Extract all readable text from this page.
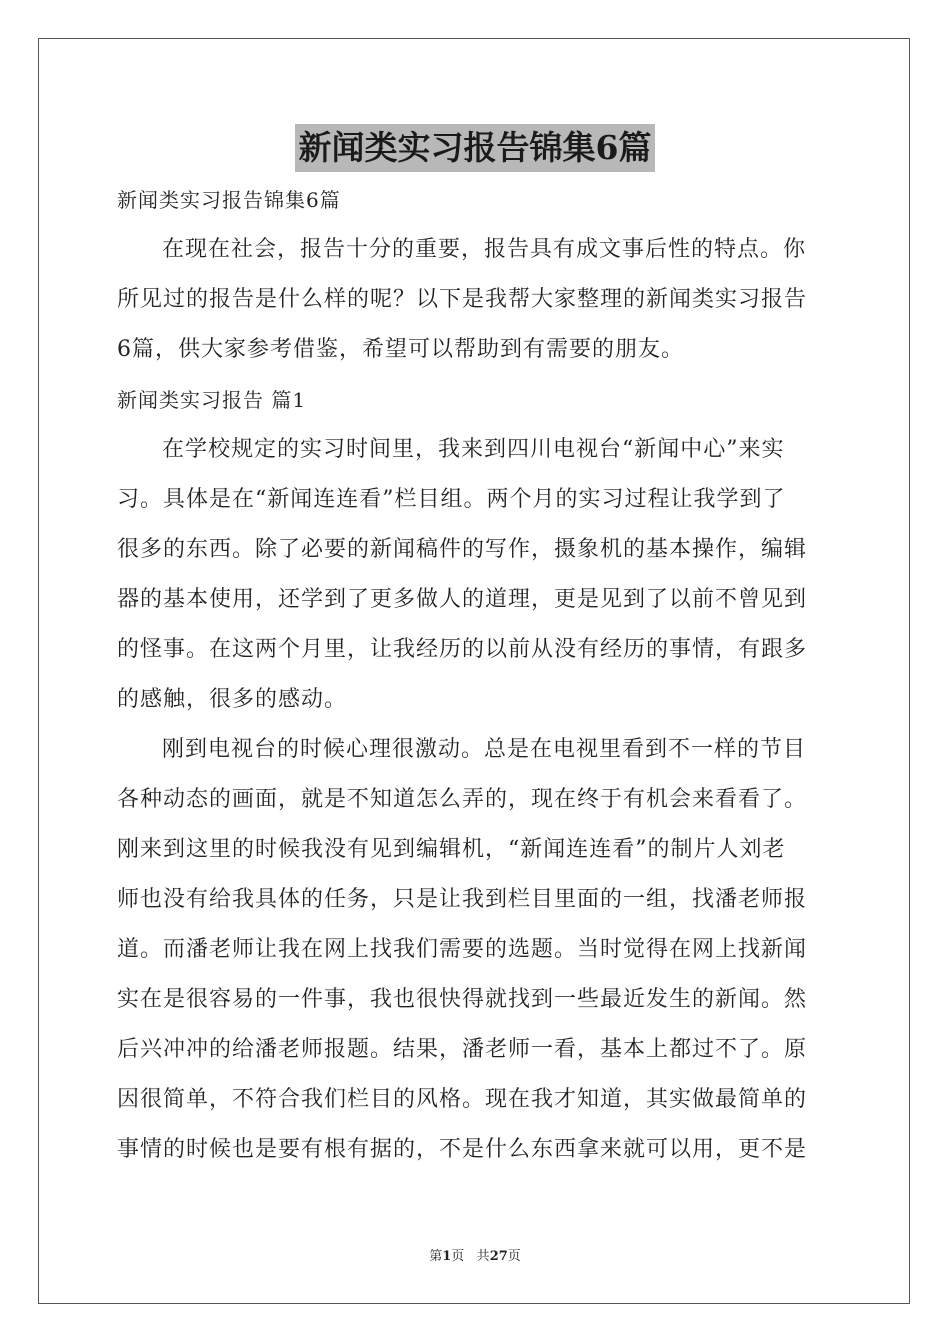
新闻类实习报告锦集6篇
新闻类实习报告锦集6篇
在现在社会，报告十分的重要，报告具有成文事后性的特点。你
所见过的报告是什么样的呢？以下是我帮大家整理的新闻类实习报告
6篇，供大家参考借鉴，希望可以帮助到有需要的朋友。
新闻类实习报告 篇1
在学校规定的实习时间里，我来到四川电视台“新闻中心”来实
习。具体是在“新闻连连看”栏目组。两个月的实习过程让我学到了
很多的东西。除了必要的新闻稿件的写作，摄象机的基本操作，编辑
器的基本使用，还学到了更多做人的道理，更是见到了以前不曾见到
的怪事。在这两个月里，让我经历的以前从没有经历的事情，有跟多
的感触，很多的感动。
刚到电视台的时候心理很激动。总是在电视里看到不一样的节目
各种动态的画面，就是不知道怎么弄的，现在终于有机会来看看了。
刚来到这里的时候我没有见到编辑机，“新闻连连看”的制片人刘老
师也没有给我具体的任务，只是让我到栏目里面的一组，找潘老师报
道。而潘老师让我在网上找我们需要的选题。当时觉得在网上找新闻
实在是很容易的一件事，我也很快得就找到一些最近发生的新闻。然
后兴冲冲的给潘老师报题。结果，潘老师一看，基本上都过不了。原
因很简单，不符合我们栏目的风格。现在我才知道，其实做最简单的
事情的时候也是要有根有据的，不是什么东西拿来就可以用，更不是
第1页 共27页
